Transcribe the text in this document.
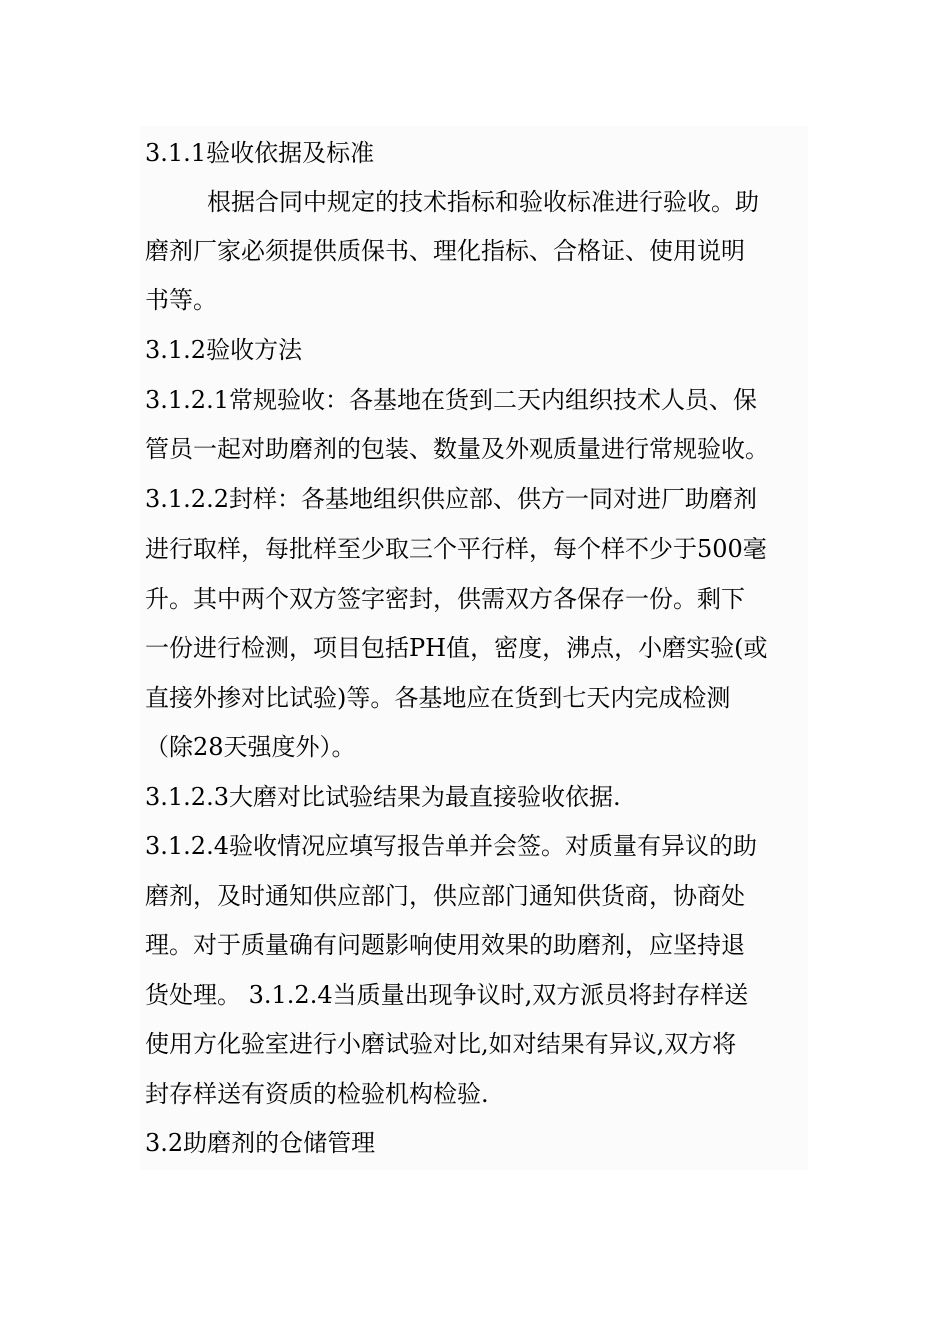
3.1.1验收依据及标准
根据合同中规定的技术指标和验收标准进行验收。助
磨剂厂家必须提供质保书、理化指标、合格证、使用说明
书等。
3.1.2验收方法
3.1.2.1常规验收：各基地在货到二天内组织技术人员、保
管员一起对助磨剂的包装、数量及外观质量进行常规验收。
3.1.2.2封样：各基地组织供应部、供方一同对进厂助磨剂
进行取样，每批样至少取三个平行样，每个样不少于500毫
升。其中两个双方签字密封，供需双方各保存一份。剩下
一份进行检测，项目包括PH值，密度，沸点，小磨实验(或
直接外掺对比试验)等。各基地应在货到七天内完成检测
（除28天强度外）。
3.1.2.3大磨对比试验结果为最直接验收依据.
3.1.2.4验收情况应填写报告单并会签。对质量有异议的助
磨剂，及时通知供应部门，供应部门通知供货商，协商处
理。对于质量确有问题影响使用效果的助磨剂，应坚持退
货处理。 3.1.2.4当质量出现争议时,双方派员将封存样送
使用方化验室进行小磨试验对比,如对结果有异议,双方将
封存样送有资质的检验机构检验.
3.2助磨剂的仓储管理
